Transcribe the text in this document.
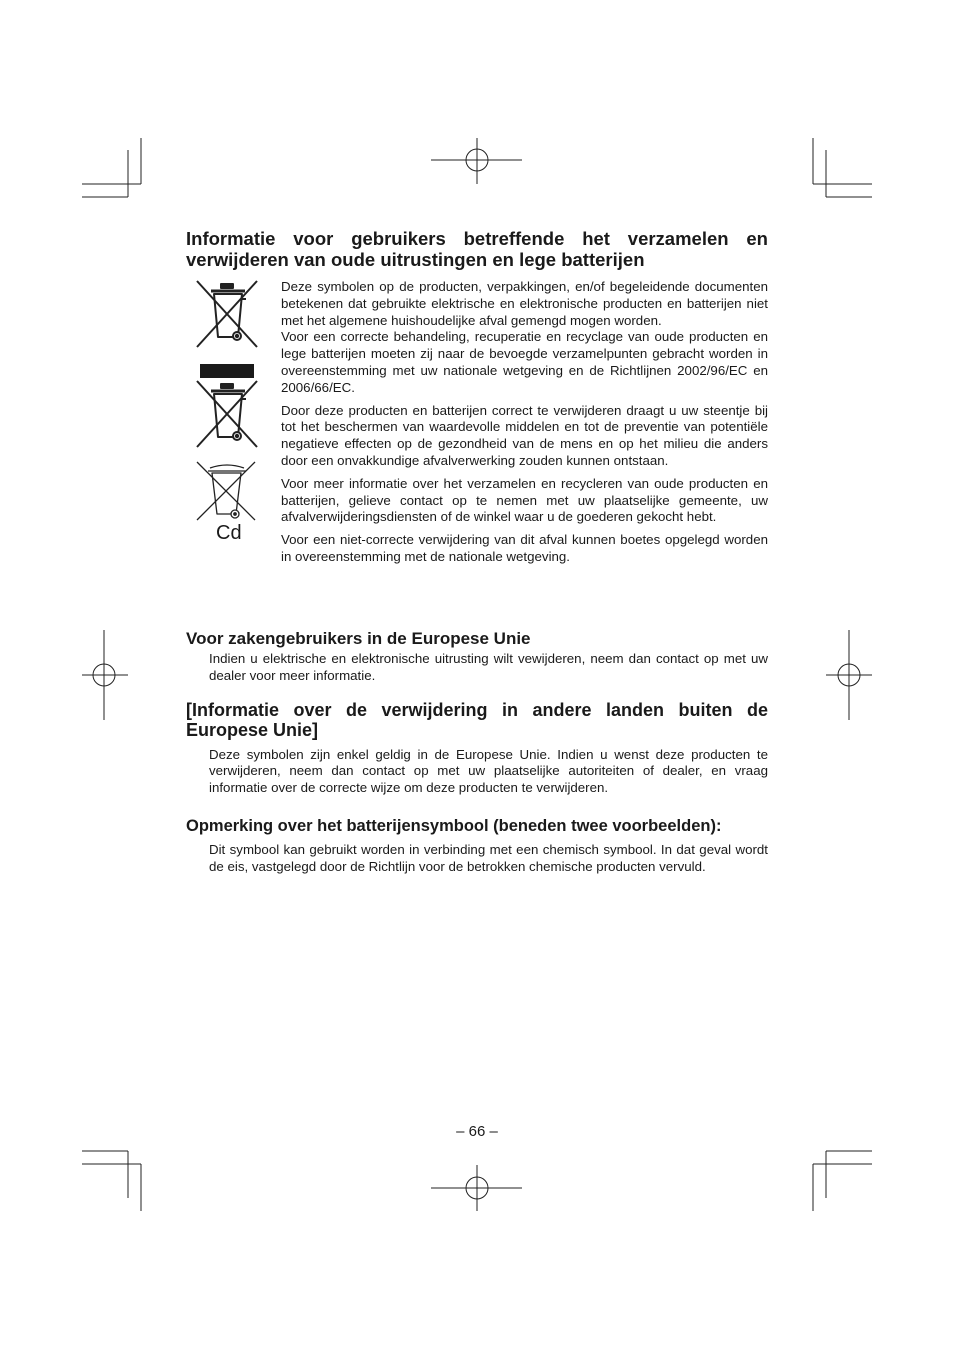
Informatie voor gebruikers betreffende het verzamelen en verwijderen van oude uitrustingen en lege batterijen

Cd

Deze symbolen op de producten, verpakkingen, en/of begeleidende documenten betekenen dat gebruikte elektrische en elektronische producten en batterijen niet met het algemene huishoudelijke afval gemengd mogen worden.

Voor een correcte behandeling, recuperatie en recyclage van oude producten en lege batterijen moeten zij naar de bevoegde verzamelpunten gebracht worden in overeenstemming met uw nationale wetgeving en de Richtlijnen 2002/96/EC en 2006/66/EC.

Door deze producten en batterijen correct te verwijderen draagt u uw steentje bij tot het beschermen van waardevolle middelen en tot de preventie van potentiële negatieve effecten op de gezondheid van de mens en op het milieu die anders door een onvakkundige afvalverwerking zouden kunnen ontstaan.

Voor meer informatie over het verzamelen en recycleren van oude producten en batterijen, gelieve contact op te nemen met uw plaatselijke gemeente, uw afvalverwijderingsdiensten of de winkel waar u de goederen gekocht hebt.

Voor een niet-correcte verwijdering van dit afval kunnen boetes opgelegd worden in overeenstemming met de nationale wetgeving.

Voor zakengebruikers in de Europese Unie

Indien u elektrische en elektronische uitrusting wilt vewijderen, neem dan contact op met uw dealer voor meer informatie.

[Informatie over de verwijdering in andere landen buiten de Europese Unie]

Deze symbolen zijn enkel geldig in de Europese Unie. Indien u wenst deze producten te verwijderen, neem dan contact op met uw plaatselijke autoriteiten of dealer, en vraag informatie over de correcte wijze om deze producten te verwijderen.

Opmerking over het batterijensymbool (beneden twee voorbeelden):

Dit symbool kan gebruikt worden in verbinding met een chemisch symbool. In dat geval wordt de eis, vastgelegd door de Richtlijn voor de betrokken chemische producten vervuld.

– 66 –
